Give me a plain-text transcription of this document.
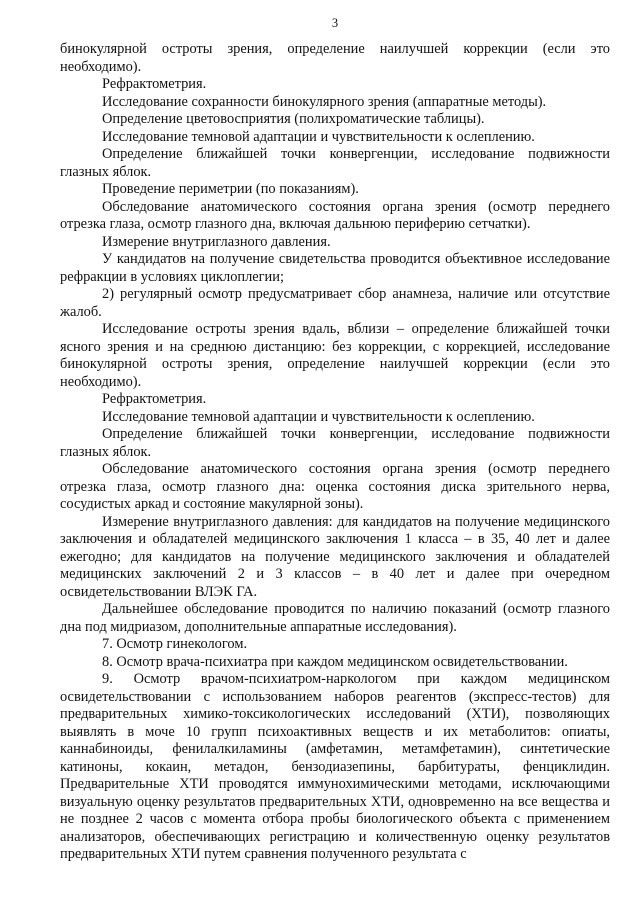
3

бинокулярной остроты зрения, определение наилучшей коррекции (если это необходимо).

Рефрактометрия.

Исследование сохранности бинокулярного зрения (аппаратные методы).

Определение цветовосприятия (полихроматические таблицы).

Исследование темновой адаптации и чувствительности к ослеплению.

Определение ближайшей точки конвергенции, исследование подвижности глазных яблок.

Проведение периметрии (по показаниям).

Обследование анатомического состояния органа зрения (осмотр переднего отрезка глаза, осмотр глазного дна, включая дальнюю периферию сетчатки).

Измерение внутриглазного давления.

У кандидатов на получение свидетельства проводится объективное исследование рефракции в условиях циклоплегии;

2) регулярный осмотр предусматривает сбор анамнеза, наличие или отсутствие жалоб.

Исследование остроты зрения вдаль, вблизи – определение ближайшей точки ясного зрения и на среднюю дистанцию: без коррекции, с коррекцией, исследование бинокулярной остроты зрения, определение наилучшей коррекции (если это необходимо).

Рефрактометрия.

Исследование темновой адаптации и чувствительности к ослеплению.

Определение ближайшей точки конвергенции, исследование подвижности глазных яблок.

Обследование анатомического состояния органа зрения (осмотр переднего отрезка глаза, осмотр глазного дна: оценка состояния диска зрительного нерва, сосудистых аркад и состояние макулярной зоны).

Измерение внутриглазного давления: для кандидатов на получение медицинского заключения и обладателей медицинского заключения 1 класса – в 35, 40 лет и далее ежегодно; для кандидатов на получение медицинского заключения и обладателей медицинских заключений 2 и 3 классов – в 40 лет и далее при очередном освидетельствовании ВЛЭК ГА.

Дальнейшее обследование проводится по наличию показаний (осмотр глазного дна под мидриазом, дополнительные аппаратные исследования).

7. Осмотр гинекологом.

8. Осмотр врача-психиатра при каждом медицинском освидетельствовании.

9. Осмотр врачом-психиатром-наркологом при каждом медицинском освидетельствовании с использованием наборов реагентов (экспресс-тестов) для предварительных химико-токсикологических исследований (ХТИ), позволяющих выявлять в моче 10 групп психоактивных веществ и их метаболитов: опиаты, каннабиноиды, фенилалкиламины (амфетамин, метамфетамин), синтетические катиноны, кокаин, метадон, бензодиазепины, барбитураты, фенциклидин. Предварительные ХТИ проводятся иммунохимическими методами, исключающими визуальную оценку результатов предварительных ХТИ, одновременно на все вещества и не позднее 2 часов с момента отбора пробы биологического объекта с применением анализаторов, обеспечивающих регистрацию и количественную оценку результатов предварительных ХТИ путем сравнения полученного результата с
